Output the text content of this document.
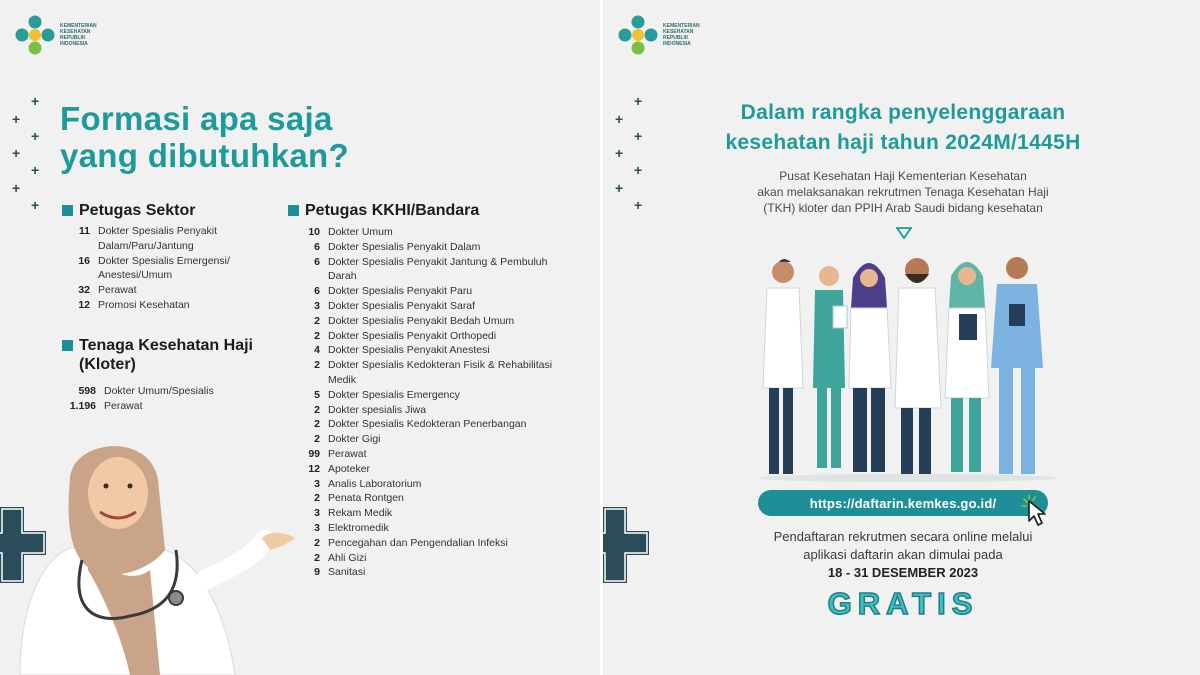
KEMENTERIAN
KESEHATAN
REPUBLIK
INDONESIA
+
+
+
+
+
+
+
Formasi apa saja
yang dibutuhkan?
Petugas Sektor
11 Dokter Spesialis Penyakit Dalam/Paru/Jantung
16 Dokter Spesialis Emergensi/ Anestesi/Umum
32 Perawat
12 Promosi Kesehatan
Tenaga Kesehatan Haji (Kloter)
598 Dokter Umum/Spesialis
1.196 Perawat
Petugas KKHI/Bandara
10 Dokter Umum
6 Dokter Spesialis Penyakit Dalam
6 Dokter Spesialis Penyakit Jantung & Pembuluh Darah
6 Dokter Spesialis Penyakit Paru
3 Dokter Spesialis Penyakit Saraf
2 Dokter Spesialis Penyakit Bedah Umum
2 Dokter Spesialis Penyakit Orthopedi
4 Dokter Spesialis Penyakit Anestesi
2 Dokter Spesialis Kedokteran Fisik & Rehabilitasi Medik
5 Dokter Spesialis Emergency
2 Dokter spesialis Jiwa
2 Dokter Spesialis Kedokteran Penerbangan
2 Dokter Gigi
99 Perawat
12 Apoteker
3 Analis Laboratorium
2 Penata Rontgen
3 Rekam Medik
3 Elektromedik
2 Pencegahan dan Pengendalian Infeksi
2 Ahli Gizi
9 Sanitasi
KEMENTERIAN
KESEHATAN
REPUBLIK
INDONESIA
+
+
+
+
+
+
+
Dalam rangka penyelenggaraan
kesehatan haji tahun 2024M/1445H
Pusat Kesehatan Haji Kementerian Kesehatan
akan melaksanakan rekrutmen Tenaga Kesehatan Haji
(TKH) kloter dan PPIH Arab Saudi bidang kesehatan
https://daftarin.kemkes.go.id/
Pendaftaran rekrutmen secara online melalui
aplikasi daftarin akan dimulai pada
18 - 31 DESEMBER 2023
GRATIS
